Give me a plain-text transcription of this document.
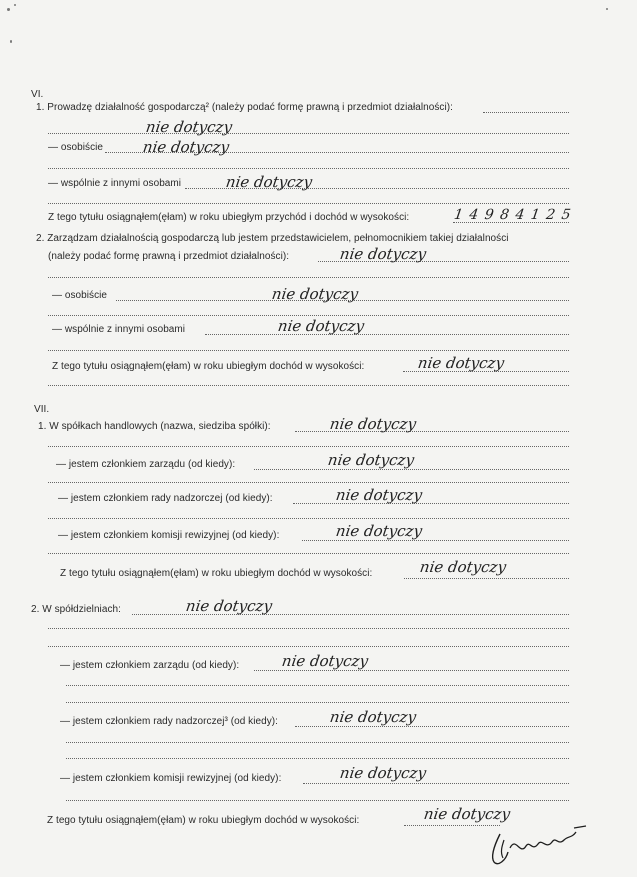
VI.
1. Prowadzę działalność gospodarczą² (należy podać formę prawną i przedmiot działalności):
nie dotyczy
— osobiście	nie dotyczy
— wspólnie z innymi osobami	nie dotyczy
Z tego tytułu osiągnąłem(ęłam) w roku ubiegłym przychód i dochód w wysokości:	1 4 9 8 4 1 2 5
2. Zarządzam działalnością gospodarczą lub jestem przedstawicielem, pełnomocnikiem takiej działalności
(należy podać formę prawną i przedmiot działalności):	nie dotyczy
— osobiście	nie dotyczy
— wspólnie z innymi osobami	nie dotyczy
Z tego tytułu osiągnąłem(ęłam) w roku ubiegłym dochód w wysokości:	nie dotyczy
VII.
1. W spółkach handlowych (nazwa, siedziba spółki):	nie dotyczy
— jestem członkiem zarządu (od kiedy):	nie dotyczy
— jestem członkiem rady nadzorczej (od kiedy):	nie dotyczy
— jestem członkiem komisji rewizyjnej (od kiedy):	nie dotyczy
Z tego tytułu osiągnąłem(ęłam) w roku ubiegłym dochód w wysokości:	nie dotyczy
2. W spółdzielniach:	nie dotyczy
— jestem członkiem zarządu (od kiedy):	nie dotyczy
— jestem członkiem rady nadzorczej³ (od kiedy):	nie dotyczy
— jestem członkiem komisji rewizyjnej (od kiedy):	nie dotyczy
Z tego tytułu osiągnąłem(ęłam) w roku ubiegłym dochód w wysokości:	nie dotyczy
